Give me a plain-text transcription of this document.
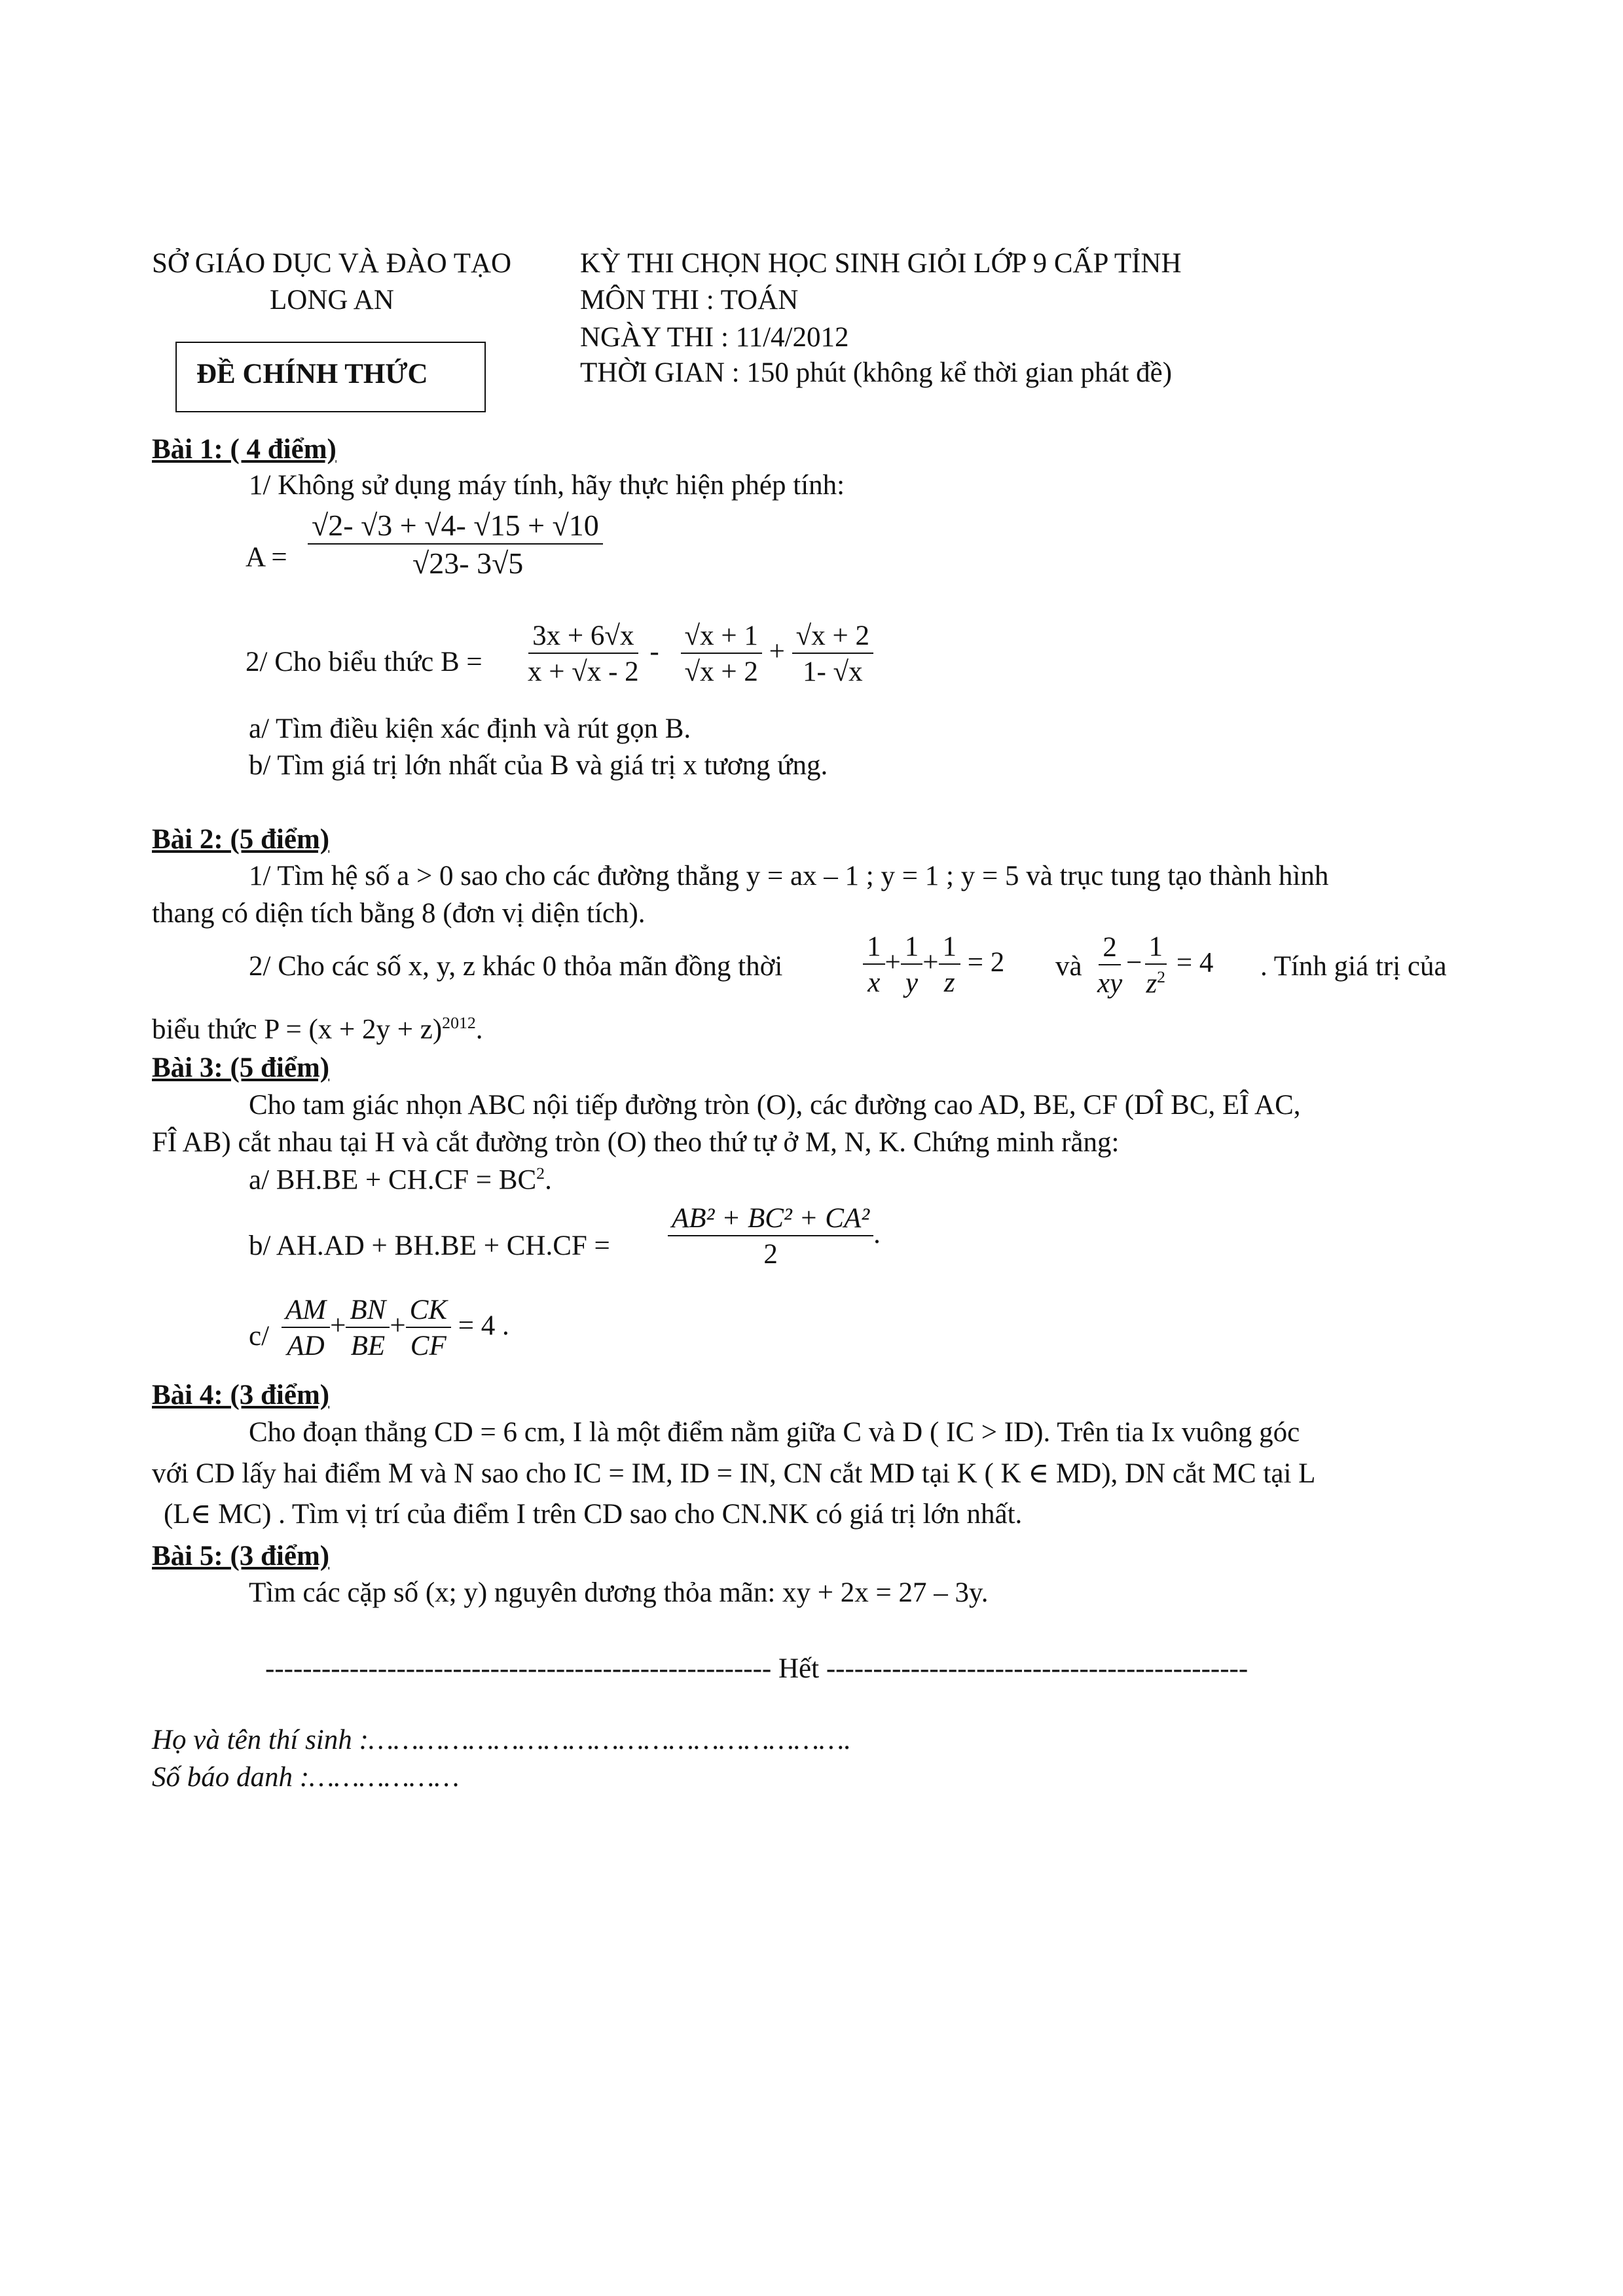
SỞ GIÁO DỤC VÀ ĐÀO TẠO
LONG AN
KỲ THI CHỌN HỌC SINH GIỎI LỚP 9 CẤP TỈNH
MÔN THI : TOÁN
NGÀY THI : 11/4/2012
THỜI GIAN : 150 phút (không kể thời gian phát đề)
ĐỀ CHÍNH THỨC
Bài 1: ( 4 điểm)
1/ Không sử dụng máy tính, hãy thực hiện phép tính:
$A = \frac{√2- √3 + √4- √15 + √10}{√23- 3√5}$
2/ Cho biểu thức $B = \frac{3x + 6√x}{x + √x - 2} - \frac{√x + 1}{√x + 2} + \frac{√x + 2}{1- √x}$
a/ Tìm điều kiện xác định và rút gọn B.
b/ Tìm giá trị lớn nhất của B và giá trị x tương ứng.
Bài 2: (5 điểm)
1/ Tìm hệ số a > 0 sao cho các đường thẳng y = ax – 1 ; y = 1 ; y = 5 và trục tung tạo thành hình
thang có diện tích bằng 8 (đơn vị diện tích).
2/ Cho các số x, y, z khác 0 thỏa mãn đồng thời	$\frac{1}{x} + \frac{1}{y} + \frac{1}{z} = 2$ và $\frac{2}{xy} - \frac{1}{z^2} = 4$ . Tính giá trị của
biểu thức $P = (x + 2y + z)^{2012}$.
Bài 3: (5 điểm)
Cho tam giác nhọn ABC nội tiếp đường tròn (O), các đường cao AD, BE, CF (DÎ BC, EÎ AC,
FÎ AB) cắt nhau tại H và cắt đường tròn (O) theo thứ tự ở M, N, K. Chứng minh rằng:
a/ $BH.BE + CH.CF = BC^2$.
b/ $AH.AD + BH.BE + CH.CF = \frac{\text{AB² + BC² + CA²}}{2}$ .
$c/ \frac{AM}{AD} + \frac{BN}{BE} + \frac{CK}{CF} = 4$ .
Bài 4: (3 điểm)
Cho đoạn thẳng CD = 6 cm, I là một điểm nằm giữa C và D ( IC > ID). Trên tia Ix vuông góc
với CD lấy hai điểm M và N sao cho IC = IM, ID = IN, CN cắt MD tại K ( K ∈ MD), DN cắt MC tại L
(L∈ MC) . Tìm vị trí của điểm I trên CD sao cho CN.NK có giá trị lớn nhất.
Bài 5: (3 điểm)
Tìm các cặp số (x; y) nguyên dương thỏa mãn: xy + 2x = 27 – 3y.
------------------------------------------------------ Hết ---------------------------------------------
Họ và tên thí sinh :………………………………………………….
Số báo danh :………………
